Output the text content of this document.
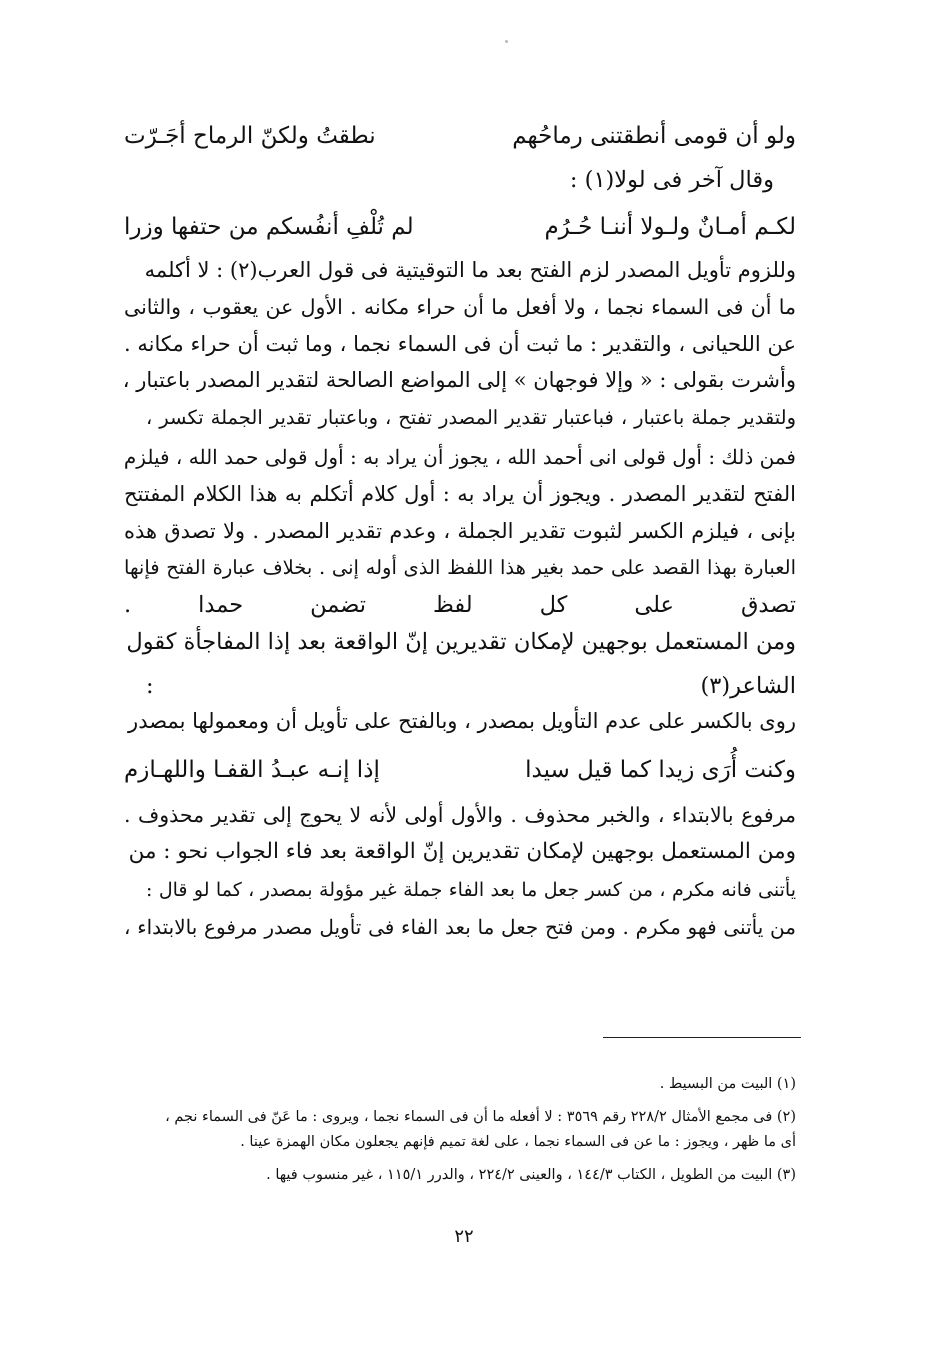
ولو أن قومى أنطقتنى رماحُهم
نطقتُ ولكنّ الرماح أجَـرّت
وقال آخر فى لولا(١) :
لكـم أمـانٌ ولـولا أننـا حُـرُم
لم تُلْفِ أنفُسكم من حتفها وزرا
وللزوم تأويل المصدر لزم الفتح بعد ما التوقيتية فى قول العرب(٢) : لا أكلمه
ما أن فى السماء نجما ، ولا أفعل ما أن حراء مكانه . الأول عن يعقوب ، والثانى
عن اللحيانى ، والتقدير : ما ثبت أن فى السماء نجما ، وما ثبت أن حراء مكانه .
وأشرت بقولى : « وإلا فوجهان » إلى المواضع الصالحة لتقدير المصدر باعتبار ،
ولتقدير جملة باعتبار ، فباعتبار تقدير المصدر تفتح ، وباعتبار تقدير الجملة تكسر ،
فمن ذلك : أول قولى انى أحمد الله ، يجوز أن يراد به : أول قولى حمد الله ، فيلزم
الفتح لتقدير المصدر . ويجوز أن يراد به : أول كلام أتكلم به هذا الكلام المفتتح
بإنى ، فيلزم الكسر لثبوت تقدير الجملة ، وعدم تقدير المصدر . ولا تصدق هذه
العبارة بهذا القصد على حمد بغير هذا اللفظ الذى أوله إنى . بخلاف عبارة الفتح فإنها
تصدق على كل لفظ تضمن حمدا .
ومن المستعمل بوجهين لإمكان تقديرين إنّ الواقعة بعد إذا المفاجأة كقول
الشاعر(٣) :
روى بالكسر على عدم التأويل بمصدر ، وبالفتح على تأويل أن ومعمولها بمصدر
وكنت أُرَى زيدا كما قيل سيدا
إذا إنـه عبـدُ القفـا واللهـازم
مرفوع بالابتداء ، والخبر محذوف . والأول أولى لأنه لا يحوج إلى تقدير محذوف .
ومن المستعمل بوجهين لإمكان تقديرين إنّ الواقعة بعد فاء الجواب نحو : من
يأتنى فانه مكرم ، من كسر جعل ما بعد الفاء جملة غير مؤولة بمصدر ، كما لو قال :
من يأتنى فهو مكرم . ومن فتح جعل ما بعد الفاء فى تأويل مصدر مرفوع بالابتداء ،
(١) البيت من البسيط .
(٢) فى مجمع الأمثال ٢٢٨/٢ رقم ٣٥٦٩ : لا أفعله ما أن فى السماء نجما ، ويروى : ما عَنّ فى السماء نجم ،
أى ما ظهر ، ويجوز : ما عن فى السماء نجما ، على لغة تميم فإنهم يجعلون مكان الهمزة عينا .
(٣) البيت من الطويل ، الكتاب ١٤٤/٣ ، والعينى ٢٢٤/٢ ، والدرر ١١٥/١ ، غير منسوب فيها .
٢٢
